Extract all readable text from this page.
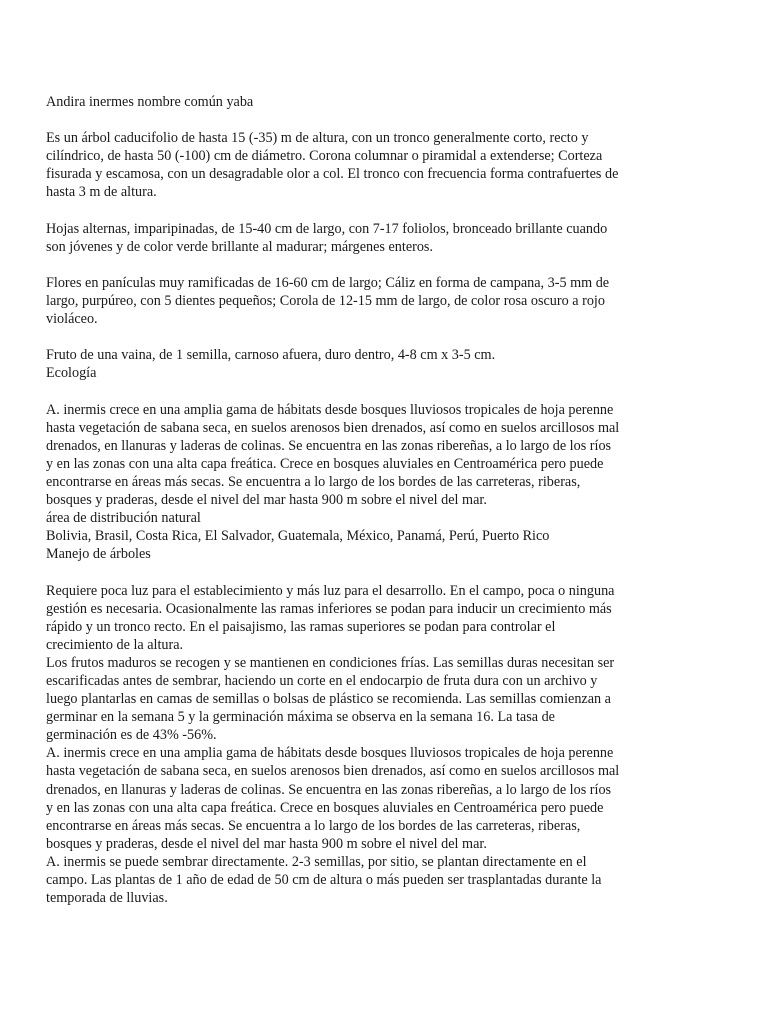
Andira inermes nombre común yaba
Es un árbol caducifolio de hasta 15 (-35) m de altura, con un tronco generalmente corto, recto y
cilíndrico, de hasta 50 (-100) cm de diámetro. Corona columnar o piramidal a extenderse; Corteza
fisurada y escamosa, con un desagradable olor a col. El tronco con frecuencia forma contrafuertes de
hasta 3 m de altura.
Hojas alternas, imparipinadas, de 15-40 cm de largo, con 7-17 foliolos, bronceado brillante cuando
son jóvenes y de color verde brillante al madurar; márgenes enteros.
Flores en panículas muy ramificadas de 16-60 cm de largo; Cáliz en forma de campana, 3-5 mm de
largo, purpúreo, con 5 dientes pequeños; Corola de 12-15 mm de largo, de color rosa oscuro a rojo
violáceo.
Fruto de una vaina, de 1 semilla, carnoso afuera, duro dentro, 4-8 cm x 3-5 cm.
Ecología
A. inermis crece en una amplia gama de hábitats desde bosques lluviosos tropicales de hoja perenne
hasta vegetación de sabana seca, en suelos arenosos bien drenados, así como en suelos arcillosos mal
drenados, en llanuras y laderas de colinas. Se encuentra en las zonas ribereñas, a lo largo de los ríos
y en las zonas con una alta capa freática. Crece en bosques aluviales en Centroamérica pero puede
encontrarse en áreas más secas. Se encuentra a lo largo de los bordes de las carreteras, riberas,
bosques y praderas, desde el nivel del mar hasta 900 m sobre el nivel del mar.
área de distribución natural
Bolivia, Brasil, Costa Rica, El Salvador, Guatemala, México, Panamá, Perú, Puerto Rico
Manejo de árboles
Requiere poca luz para el establecimiento y más luz para el desarrollo. En el campo, poca o ninguna
gestión es necesaria. Ocasionalmente las ramas inferiores se podan para inducir un crecimiento más
rápido y un tronco recto. En el paisajismo, las ramas superiores se podan para controlar el
crecimiento de la altura.
Los frutos maduros se recogen y se mantienen en condiciones frías. Las semillas duras necesitan ser
escarificadas antes de sembrar, haciendo un corte en el endocarpio de fruta dura con un archivo y
luego plantarlas en camas de semillas o bolsas de plástico se recomienda. Las semillas comienzan a
germinar en la semana 5 y la germinación máxima se observa en la semana 16. La tasa de
germinación es de 43% -56%.
A. inermis crece en una amplia gama de hábitats desde bosques lluviosos tropicales de hoja perenne
hasta vegetación de sabana seca, en suelos arenosos bien drenados, así como en suelos arcillosos mal
drenados, en llanuras y laderas de colinas. Se encuentra en las zonas ribereñas, a lo largo de los ríos
y en las zonas con una alta capa freática. Crece en bosques aluviales en Centroamérica pero puede
encontrarse en áreas más secas. Se encuentra a lo largo de los bordes de las carreteras, riberas,
bosques y praderas, desde el nivel del mar hasta 900 m sobre el nivel del mar.
A. inermis se puede sembrar directamente. 2-3 semillas, por sitio, se plantan directamente en el
campo. Las plantas de 1 año de edad de 50 cm de altura o más pueden ser trasplantadas durante la
temporada de lluvias.
